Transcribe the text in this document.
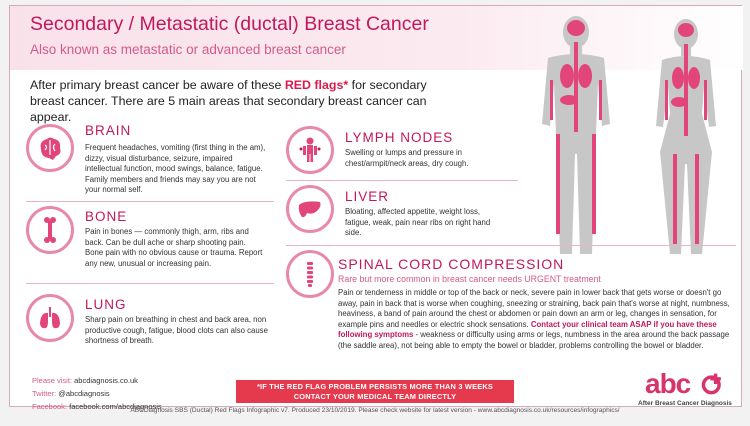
Secondary / Metastatic (ductal) Breast Cancer
Also known as metastatic or advanced breast cancer
After primary breast cancer be aware of these RED flags* for secondary breast cancer. There are 5 main areas that secondary breast cancer can appear.
BRAIN
Frequent headaches, vomiting (first thing in the am), dizzy, visual disturbance, seizure, impaired intellectual function, mood swings, balance, fatigue. Family members and friends may say you are not your normal self.
BONE
Pain in bones — commonly thigh, arm, ribs and back. Can be dull ache or sharp shooting pain. Bone pain with no obvious cause or trauma. Report any new, unusual or increasing pain.
LUNG
Sharp pain on breathing in chest and back area, non productive cough, fatigue, blood clots can also cause shortness of breath.
LYMPH NODES
Swelling or lumps and pressure in chest/armpit/neck areas, dry cough.
LIVER
Bloating, affected appetite, weight loss, fatigue, weak, pain near ribs on right hand side.
SPINAL CORD COMPRESSION
Rare but more common in breast cancer needs URGENT treatment
Pain or tenderness in middle or top of the back or neck, severe pain in lower back that gets worse or doesn't go away, pain in back that is worse when coughing, sneezing or straining, back pain that's worse at night, numbness, heaviness, a band of pain around the chest or abdomen or pain down an arm or leg, changes in sensation, for example pins and needles or electric shock sensations. Contact your clinical team ASAP if you have these following symptoms - weakness or difficulty using arms or legs, numbness in the area around the back passage (the saddle area), not being able to empty the bowel or bladder, problems controlling the bowel or bladder.
Please visit: abcdiagnosis.co.uk
Twitter: @abcdiagnosis
Facebook: facebook.com/abcdiagnosis
*IF THE RED FLAG PROBLEM PERSISTS MORE THAN 3 WEEKS
CONTACT YOUR MEDICAL TEAM DIRECTLY	abc
After Breast Cancer Diagnosis
ABCDiagnosis SBS (Ductal) Red Flags Infographic v7. Produced 23/10/2019. Please check website for latest version - www.abcdiagnosis.co.uk/resources/infographics/
